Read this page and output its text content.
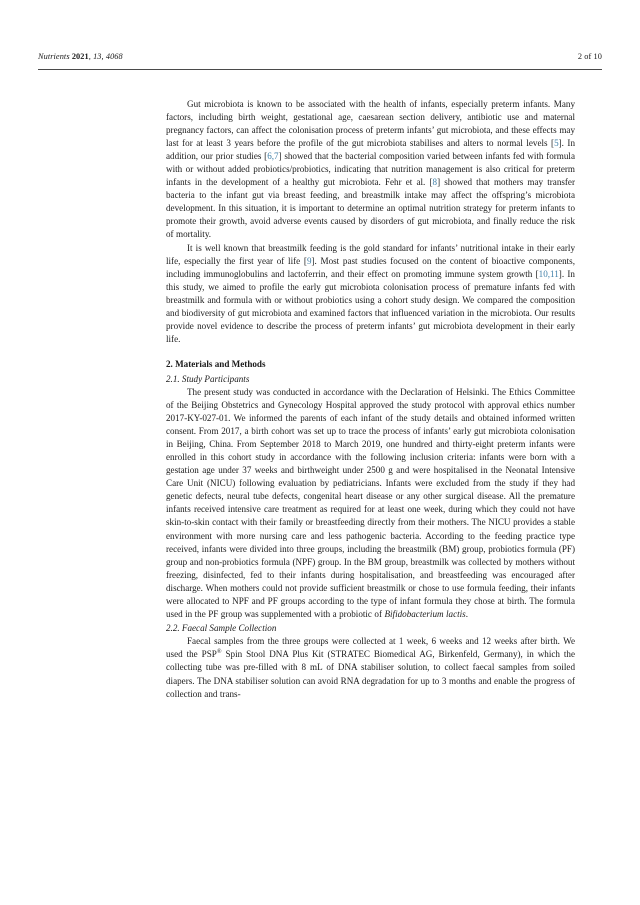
Nutrients 2021, 13, 4068	2 of 10

Gut microbiota is known to be associated with the health of infants, especially preterm infants. Many factors, including birth weight, gestational age, caesarean section delivery, antibiotic use and maternal pregnancy factors, can affect the colonisation process of preterm infants’ gut microbiota, and these effects may last for at least 3 years before the profile of the gut microbiota stabilises and alters to normal levels [5]. In addition, our prior studies [6,7] showed that the bacterial composition varied between infants fed with formula with or without added probiotics/probiotics, indicating that nutrition management is also critical for preterm infants in the development of a healthy gut microbiota. Fehr et al. [8] showed that mothers may transfer bacteria to the infant gut via breast feeding, and breastmilk intake may affect the offspring’s microbiota development. In this situation, it is important to determine an optimal nutrition strategy for preterm infants to promote their growth, avoid adverse events caused by disorders of gut microbiota, and finally reduce the risk of mortality.

It is well known that breastmilk feeding is the gold standard for infants’ nutritional intake in their early life, especially the first year of life [9]. Most past studies focused on the content of bioactive components, including immunoglobulins and lactoferrin, and their effect on promoting immune system growth [10,11]. In this study, we aimed to profile the early gut microbiota colonisation process of premature infants fed with breastmilk and formula with or without probiotics using a cohort study design. We compared the composition and biodiversity of gut microbiota and examined factors that influenced variation in the microbiota. Our results provide novel evidence to describe the process of preterm infants’ gut microbiota development in their early life.

2. Materials and Methods
2.1. Study Participants

The present study was conducted in accordance with the Declaration of Helsinki. The Ethics Committee of the Beijing Obstetrics and Gynecology Hospital approved the study protocol with approval ethics number 2017-KY-027-01. We informed the parents of each infant of the study details and obtained informed written consent. From 2017, a birth cohort was set up to trace the process of infants’ early gut microbiota colonisation in Beijing, China. From September 2018 to March 2019, one hundred and thirty-eight preterm infants were enrolled in this cohort study in accordance with the following inclusion criteria: infants were born with a gestation age under 37 weeks and birthweight under 2500 g and were hospitalised in the Neonatal Intensive Care Unit (NICU) following evaluation by pediatricians. Infants were excluded from the study if they had genetic defects, neural tube defects, congenital heart disease or any other surgical disease. All the premature infants received intensive care treatment as required for at least one week, during which they could not have skin-to-skin contact with their family or breastfeeding directly from their mothers. The NICU provides a stable environment with more nursing care and less pathogenic bacteria. According to the feeding practice type received, infants were divided into three groups, including the breastmilk (BM) group, probiotics formula (PF) group and non-probiotics formula (NPF) group. In the BM group, breastmilk was collected by mothers without freezing, disinfected, fed to their infants during hospitalisation, and breastfeeding was encouraged after discharge. When mothers could not provide sufficient breastmilk or chose to use formula feeding, their infants were allocated to NPF and PF groups according to the type of infant formula they chose at birth. The formula used in the PF group was supplemented with a probiotic of Bifidobacterium lactis.

2.2. Faecal Sample Collection

Faecal samples from the three groups were collected at 1 week, 6 weeks and 12 weeks after birth. We used the PSP® Spin Stool DNA Plus Kit (STRATEC Biomedical AG, Birkenfeld, Germany), in which the collecting tube was pre-filled with 8 mL of DNA stabiliser solution, to collect faecal samples from soiled diapers. The DNA stabiliser solution can avoid RNA degradation for up to 3 months and enable the progress of collection and trans-
